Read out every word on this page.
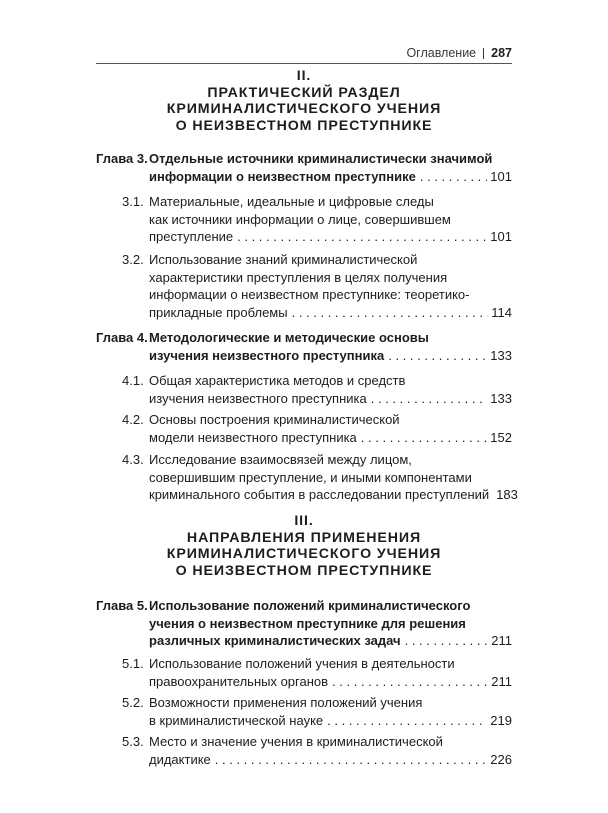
Оглавление 287
II.
ПРАКТИЧЕСКИЙ РАЗДЕЛ
КРИМИНАЛИСТИЧЕСКОГО УЧЕНИЯ
О НЕИЗВЕСТНОМ ПРЕСТУПНИКЕ
Глава 3. Отдельные источники криминалистически значимой
информации о неизвестном преступнике . . .	101
3.1. Материальные, идеальные и цифровые следы
как источники информации о лице, совершившем
преступление . . .	101
3.2. Использование знаний криминалистической
характеристики преступления в целях получения
информации о неизвестном преступнике: теоретико-
прикладные проблемы . . .	114
Глава 4. Методологические и методические основы
изучения неизвестного преступника . . .	133
4.1. Общая характеристика методов и средств
изучения неизвестного преступника . . .	133
4.2. Основы построения криминалистической
модели неизвестного преступника . . .	152
4.3. Исследование взаимосвязей между лицом,
совершившим преступление, и иными компонентами
криминального события в расследовании преступлений 183
III.
НАПРАВЛЕНИЯ ПРИМЕНЕНИЯ
КРИМИНАЛИСТИЧЕСКОГО УЧЕНИЯ
О НЕИЗВЕСТНОМ ПРЕСТУПНИКЕ
Глава 5. Использование положений криминалистического
учения о неизвестном преступнике для решения
различных криминалистических задач . . .	211
5.1. Использование положений учения в деятельности
правоохранительных органов . . .	211
5.2. Возможности применения положений учения
в криминалистической науке . . .	219
5.3. Место и значение учения в криминалистической
дидактике . . .	226
